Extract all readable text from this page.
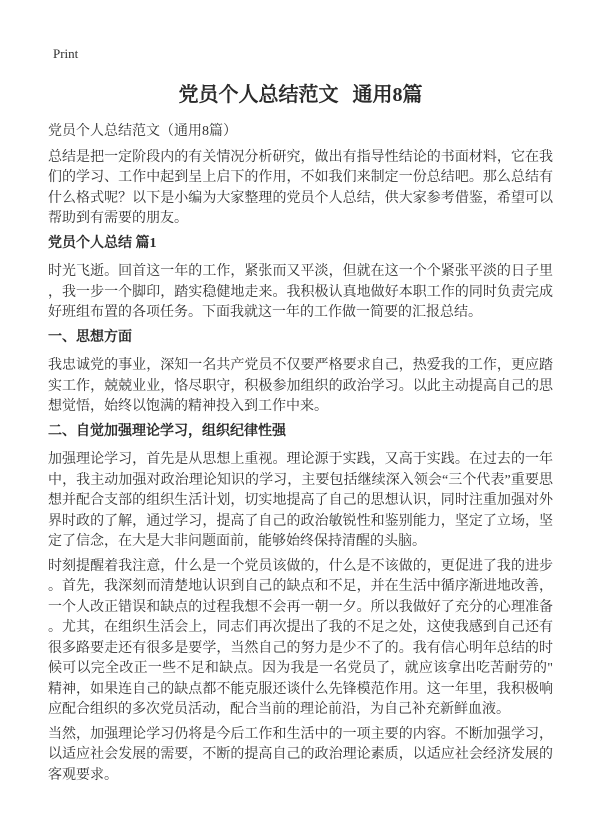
Print
党员个人总结范文 通用8篇

党员个人总结范文（通用8篇）

总结是把一定阶段内的有关情况分析研究，做出有指导性结论的书面材料，它在我们的学习、工作中起到呈上启下的作用，不如我们来制定一份总结吧。那么总结有什么格式呢？以下是小编为大家整理的党员个人总结，供大家参考借鉴，希望可以帮助到有需要的朋友。

党员个人总结 篇1

时光飞逝。回首这一年的工作，紧张而又平淡，但就在这一个个紧张平淡的日子里，我一步一个脚印，踏实稳健地走来。我积极认真地做好本职工作的同时负责完成好班组布置的各项任务。下面我就这一年的工作做一简要的汇报总结。

一、思想方面

我忠诚党的事业，深知一名共产党员不仅要严格要求自己，热爱我的工作，更应踏实工作，兢兢业业，恪尽职守，积极参加组织的政治学习。以此主动提高自己的思想觉悟，始终以饱满的精神投入到工作中来。

二、自觉加强理论学习，组织纪律性强

加强理论学习，首先是从思想上重视。理论源于实践，又高于实践。在过去的一年中，我主动加强对政治理论知识的学习，主要包括继续深入领会“三个代表”重要思想并配合支部的组织生活计划，切实地提高了自己的思想认识，同时注重加强对外界时政的了解，通过学习，提高了自己的政治敏锐性和鉴别能力，坚定了立场，坚定了信念，在大是大非问题面前，能够始终保持清醒的头脑。

时刻提醒着我注意，什么是一个党员该做的，什么是不该做的，更促进了我的进步。首先，我深刻而清楚地认识到自己的缺点和不足，并在生活中循序渐进地改善，一个人改正错误和缺点的过程我想不会再一朝一夕。所以我做好了充分的心理准备。尤其，在组织生活会上，同志们再次提出了我的不足之处，这使我感到自己还有很多路要走还有很多是要学，当然自己的努力是少不了的。我有信心明年总结的时候可以完全改正一些不足和缺点。因为我是一名党员了，就应该拿出吃苦耐劳的"精神，如果连自己的缺点都不能克服还谈什么先锋模范作用。这一年里，我积极响应配合组织的多次党员活动，配合当前的理论前沿，为自己补充新鲜血液。

当然，加强理论学习仍将是今后工作和生活中的一项主要的内容。不断加强学习，以适应社会发展的需要，不断的提高自己的政治理论素质，以适应社会经济发展的客观要求。
